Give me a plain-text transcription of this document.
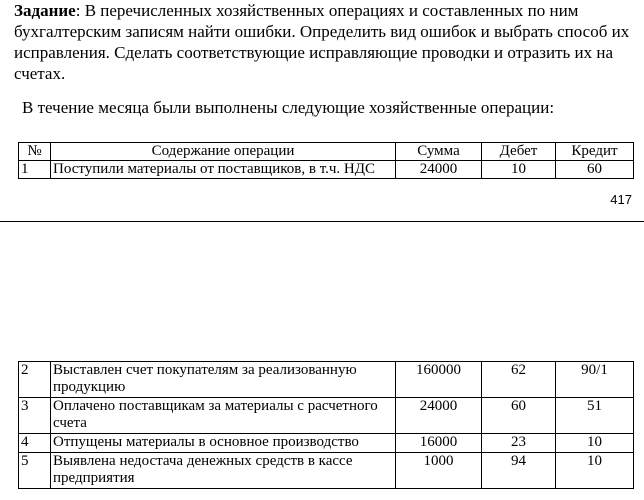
Задание: В перечисленных хозяйственных операциях и составленных по ним бухгалтерским записям найти ошибки. Определить вид ошибок и выбрать способ их исправления. Сделать соответствующие исправляющие проводки и отразить их на счетах.
В течение месяца были выполнены следующие хозяйственные операции:
№	Содержание операции	Сумма	Дебет	Кредит
1	Поступили материалы от поставщиков, в т.ч. НДС	24000	10	60
417
2	Выставлен счет покупателям за реализованную продукцию	160000	62	90/1
3	Оплачено поставщикам за материалы с расчетного счета	24000	60	51
4	Отпущены материалы в основное производство	16000	23	10
5	Выявлена недостача денежных средств в кассе предприятия	1000	94	10
